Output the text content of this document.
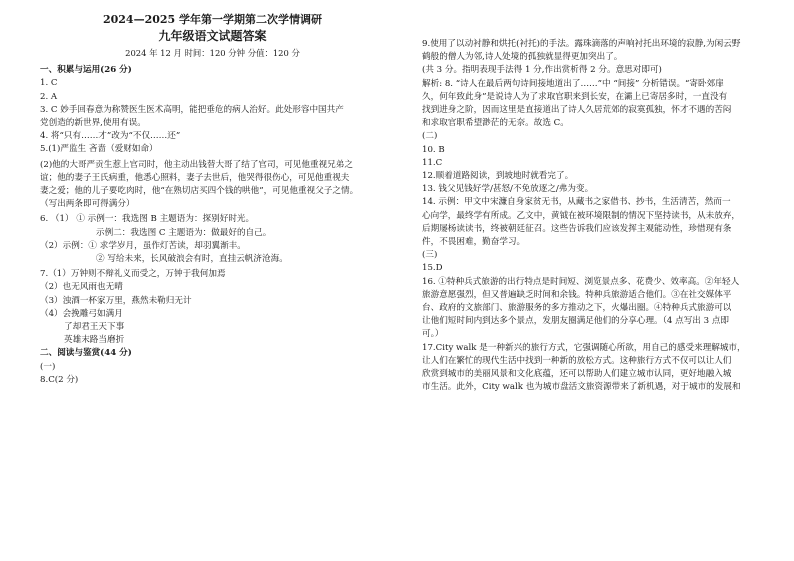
2024—2025 学年第一学期第二次学情调研
九年级语文试题答案
2024 年 12 月 时间：120 分钟 分值：120 分
一、积累与运用(26 分)
1. C
2. A
3. C 妙手回春意为称赞医生医术高明，能把垂危的病人治好。此处形容中国共产
党创造的新世界,使用有误。
4. 将“只有……才”改为“不仅……还”
5.(1)严监生 吝啬（爱财如命）
(2)他的大哥严贡生惹上官司时，他主动出钱替大哥了结了官司，可见他重视兄弟之
谊；他的妻子王氏病重，他悉心照料，妻子去世后，他哭得很伤心，可见他重视夫
妻之爱；他的儿子要吃肉时，他“在熟切店买四个钱的哄他”，可见他重视父子之情。
（写出两条即可得满分）
6. （1） ① 示例一：我选图 B 主题语为：探别好时光。
示例二：我选图 C 主题语为：做最好的自己。
（2）示例：① 求学岁月，虽作灯苦读，却羽翼渐丰。
② 写给未来，长风破浪会有时，直挂云帆济沧海。
7.（1）万钟则不辩礼义而受之，万钟于我何加焉
（2）也无风雨也无晴
（3）浊酒一杯家万里，燕然未勒归无计
（4）会挽雕弓如满月
了却君王天下事
英雄末路当磨折
二、阅读与鉴赏(44 分)
(一)
8.C(2 分)
9.使用了以动衬静和烘托(衬托)的手法。露珠滴落的声响衬托出环境的寂静,为闲云野
鹤般的僧人为邻,诗人处境的孤独就显得更加突出了。
(共 3 分。指明表现手法得 1 分,作出赏析得 2 分。意思对即可)
解析: 8. “诗人在最后两句诗间接地道出了……”中 “间接” 分析错误。“寄卧郊扉
久，何年致此身”是说诗人为了求取官职来到长安，在灞上已寄居多时，一直没有
找到进身之阶，因而这里是直接道出了诗人久居荒郊的寂寞孤独，怀才不遇的苦闷
和求取官职希望渺茫的无奈。故选 C。
(二)
10. B
11.C
12.顺着道路阅读，到坡地时就看完了。
13. 钱父见钱好学/甚怒/不免放逐之/弗为变。
14. 示例：甲文中宋濂自身家贫无书，从藏书之家借书、抄书，生活清苦，然而一
心向学，最终学有所成。乙文中，黄钺在被环境限制的情况下坚持读书，从未放弃，
后期屡杨读读书，终被朝廷征召。这些告诉我们应该发挥主观能动性，珍惜现有条
件，不畏困难，勤奋学习。
(三)
15.D
16. ①特种兵式旅游的出行特点是时间短、浏览景点多、花费少、效率高。②年轻人
旅游意愿强烈，但又普遍缺乏时间和余钱。特种兵旅游适合他们。③在社交媒体平
台、政府的文旅部门、旅游服务的多方推动之下，火爆出圈。④特种兵式旅游可以
让他们短时间内到达多个景点，发朋友圈满足他们的分享心理。（4 点写出 3 点即
可。）
17.City walk 是一种新兴的旅行方式，它强调随心所欲，用自己的感受来理解城市，
让人们在繁忙的现代生活中找到一种新的放松方式。这种旅行方式不仅可以让人们
欣赏到城市的美丽风景和文化底蕴，还可以帮助人们建立城市认同，更好地融入城
市生活。此外，City walk 也为城市盘活文旅资源带来了新机遇，对于城市的发展和
